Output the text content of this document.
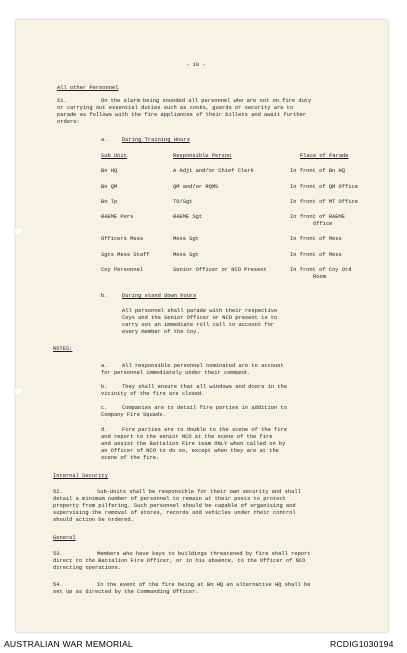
- 10 -
All other Personnel
51.	On the alarm being sounded all personnel who are not on fire duty
or carrying out essential duties such as cooks, guards or security are to
parade as follows with the fire appliances of their billets and await further
orders:
a.	During Training Hours
Sub Unit	Responsible Person	Place of Parade
Bn HQ	A Adjt and/or Chief Clerk	In front of Bn HQ
Bn QM	QM and/or RQMS	In front of QM Office
Bn Tp	TO/Sgt	In front of MT Office
RAEME Pers	RAEME Sgt	In front of RAEME
Office
Officers Mess	Mess Sgt	In front of Mess
Sgts Mess Staff	Mess Sgt	In front of Mess
Coy Personnel	Senior Officer or NCO Present	In front of Coy Ord
Room
b.	During stand down hours
All personnel shall parade with their respective
Coys and the Senior Officer or NCO present is to
carry out an immediate roll call to account for
every member of the Coy.
NOTES:
a.	All responsible personnel nominated are to account
for personnel immediately under their command.
b.	They shall ensure that all windows and doors in the
vicinity of the fire are closed.
c.	Companies are to detail fire parties in addition to
Company Fire Squads.
d.	Fire parties are to double to the scene of the fire
and report to the senior NCO at the scene of the fire
and assist the Battalion Fire team ONLY when called on by
an Officer of NCO to do so, except when they are at the
scene of the fire.
Internal Security
52.	Sub-Units shall be responsible for their own security and shall
detail a minimum number of personnel to remain at their posts to protect
property from pilfering. Such personnel should be capable of organising and
supervising the removal of stores, records and vehicles under their control
should action be ordered.
General
53.	Members who have keys to buildings threatened by fire shall report
direct to the Battalion Fire Officer, or in his absence, to the Officer of NCO
directing operations.
54.	In the event of the fire being at Bn HQ an alternative HQ shall be
set up as directed by the Commanding Officer.
AUSTRALIAN WAR MEMORIAL	RCDIG1030194
